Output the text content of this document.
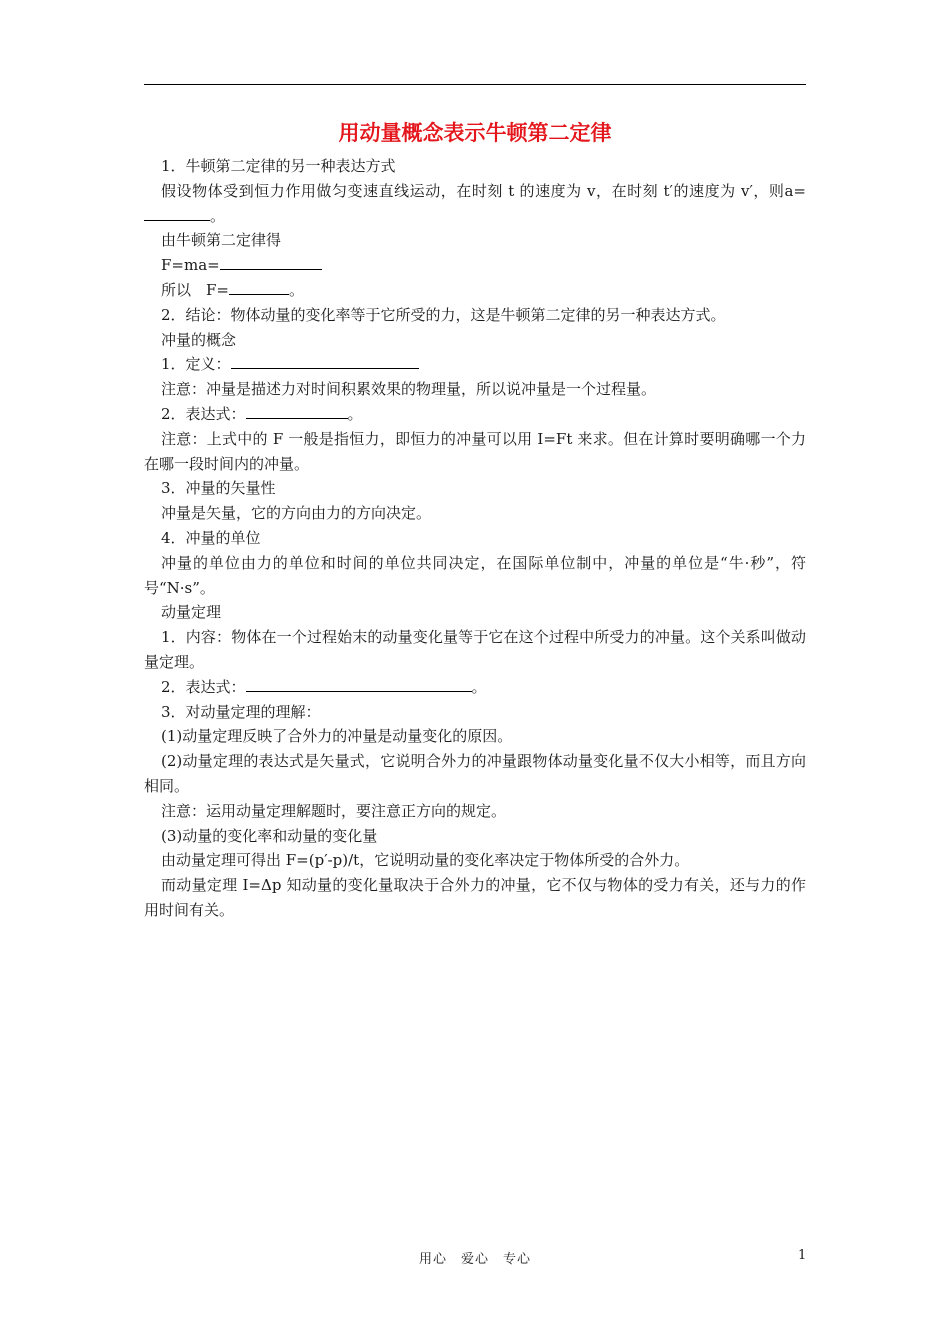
用动量概念表示牛顿第二定律
1．牛顿第二定律的另一种表达方式
假设物体受到恒力作用做匀变速直线运动，在时刻 t 的速度为 v，在时刻 t′的速度为 v′，则a=。
由牛顿第二定律得
F=ma=
所以　F=	。
2．结论：物体动量的变化率等于它所受的力，这是牛顿第二定律的另一种表达方式。
冲量的概念
1．定义：
注意：冲量是描述力对时间积累效果的物理量，所以说冲量是一个过程量。
2．表达式：	。
注意：上式中的 F 一般是指恒力，即恒力的冲量可以用 I=Ft 来求。但在计算时要明确哪一个力在哪一段时间内的冲量。
3．冲量的矢量性
冲量是矢量，它的方向由力的方向决定。
4．冲量的单位
冲量的单位由力的单位和时间的单位共同决定，在国际单位制中，冲量的单位是“牛·秒”，符号“N·s”。
动量定理
1．内容：物体在一个过程始末的动量变化量等于它在这个过程中所受力的冲量。这个关系叫做动量定理。
2．表达式：	。
3．对动量定理的理解：
(1)动量定理反映了合外力的冲量是动量变化的原因。
(2)动量定理的表达式是矢量式，它说明合外力的冲量跟物体动量变化量不仅大小相等，而且方向相同。
注意：运用动量定理解题时，要注意正方向的规定。
(3)动量的变化率和动量的变化量
由动量定理可得出 F=(p′-p)/t，它说明动量的变化率决定于物体所受的合外力。
而动量定理 I=Δp 知动量的变化量取决于合外力的冲量，它不仅与物体的受力有关，还与力的作用时间有关。
用心　爱心　专心	1
